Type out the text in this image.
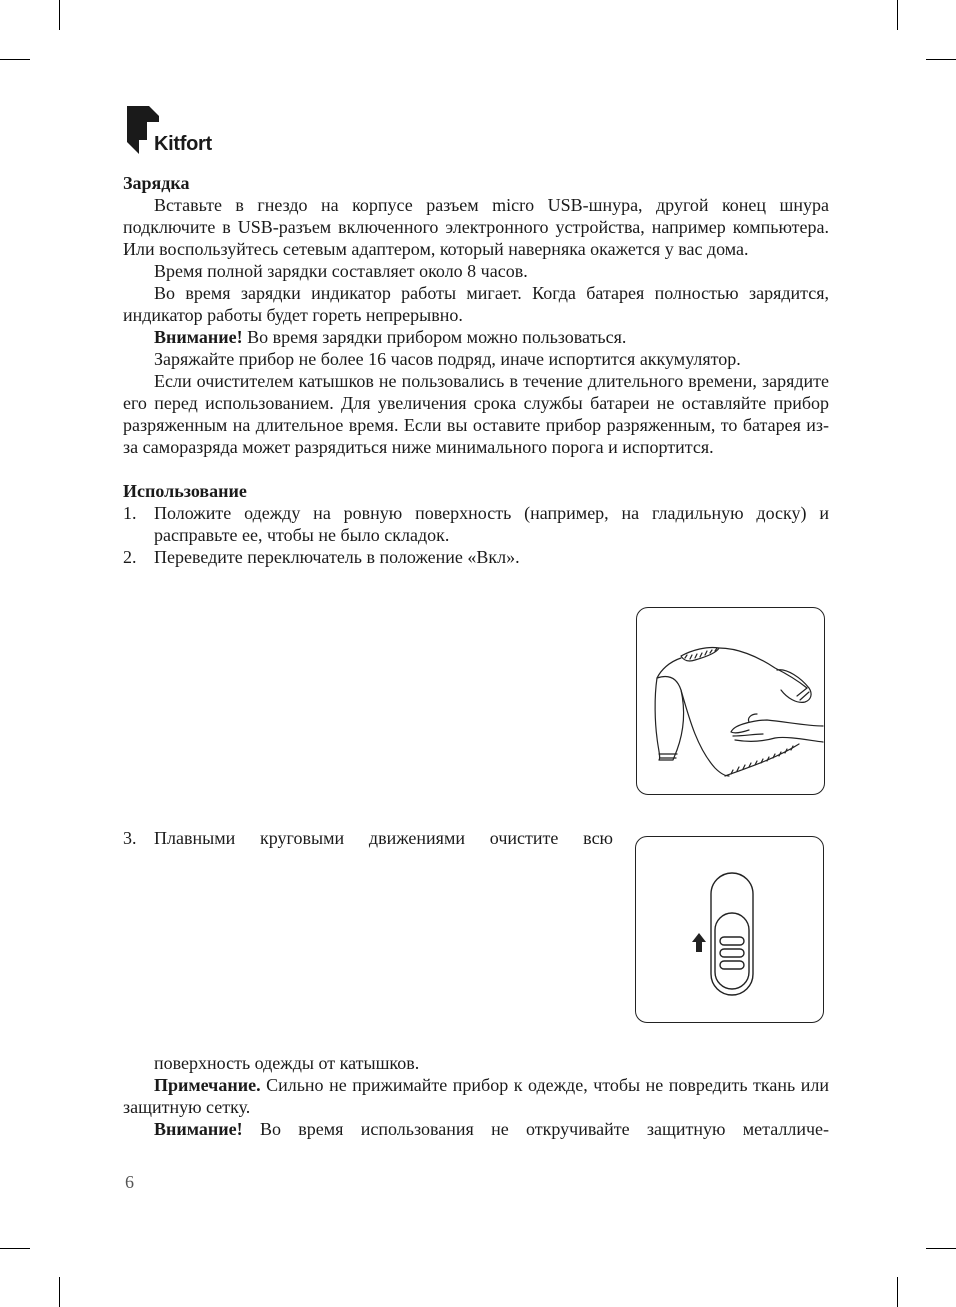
Kitfort

Зарядка

Вставьте в гнездо на корпусе разъем micro USB-шнура, другой конец шнура подключите в USB-разъем включенного электронного устройства, например компьютера. Или воспользуйтесь сетевым адаптером, который наверняка окажется у вас дома.

Время полной зарядки составляет около 8 часов.

Во время зарядки индикатор работы мигает. Когда батарея полностью зарядится, индикатор работы будет гореть непрерывно.

Внимание! Во время зарядки прибором можно пользоваться.

Заряжайте прибор не более 16 часов подряд, иначе испортится аккумулятор.

Если очистителем катышков не пользовались в течение длительного времени, зарядите его перед использованием. Для увеличения срока службы батареи не оставляйте прибор разряженным на длительное время. Если вы оставите прибор разряженным, то батарея из-за саморазряда может разрядиться ниже минимального порога и испортится.

Использование

1. Положите одежду на ровную поверхность (например, на гладильную доску) и расправьте ее, чтобы не было складок.
2. Переведите переключатель в положение «Вкл».
3. Плавными круговыми движениями очистите всю

поверхность одежды от катышков.

Примечание. Сильно не прижимайте прибор к одежде, чтобы не повредить ткань или защитную сетку.

Внимание! Во время использования не откручивайте защитную металличе-

6
